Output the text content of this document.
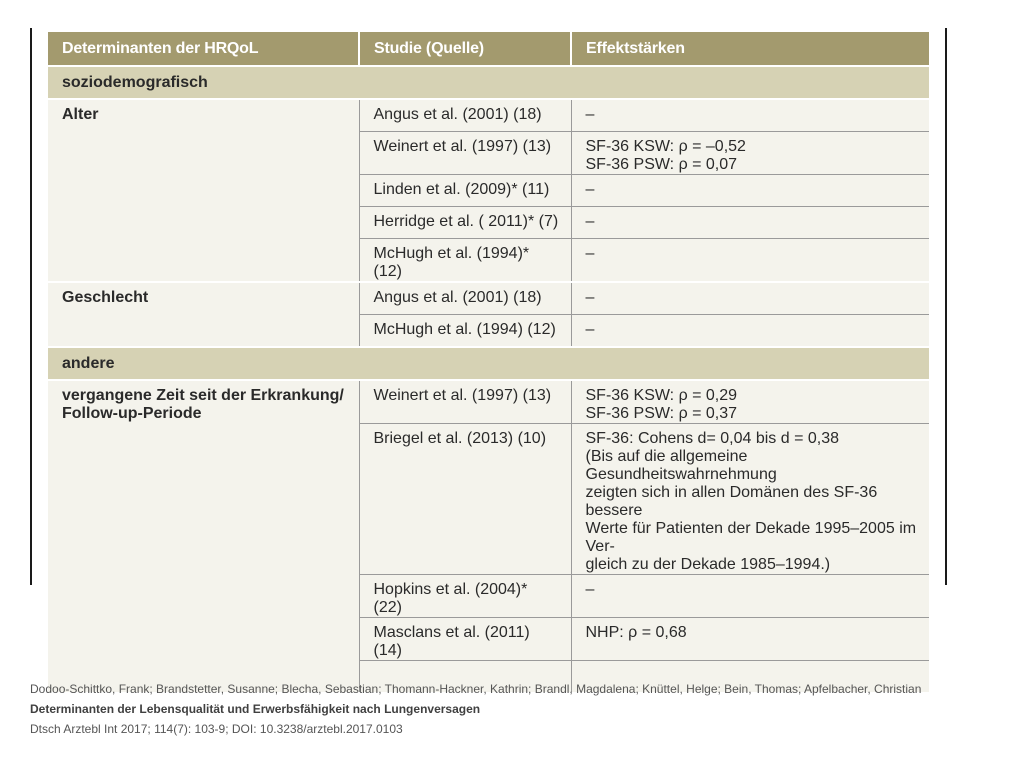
Determinanten der HRQoL	Studie (Quelle)	Effektstärken
soziodemografisch		
Alter	Angus et al. (2001) (18)	–

	Weinert et al. (1997) (13)	SF-36 KSW: ρ = –0,52
SF-36 PSW: ρ = 0,07

	Linden et al. (2009)* (11)	–

	Herridge et al. ( 2011)* (7)	–

	McHugh et al. (1994)* (12)	–

Geschlecht	Angus et al. (2001) (18)	–

	McHugh et al. (1994) (12)	–

andere		
vergangene Zeit seit der Erkrankung/ Follow-up-Periode	Weinert et al. (1997) (13)	SF-36 KSW: ρ = 0,29
SF-36 PSW: ρ = 0,37

	Briegel et al. (2013) (10)	SF-36: Cohens d= 0,04 bis d = 0,38
(Bis auf die allgemeine Gesundheitswahrnehmung
zeigten sich in allen Domänen des SF-36 bessere
Werte für Patienten der Dekade 1995–2005 im Ver-
gleich zu der Dekade 1985–1994.)

	Hopkins et al. (2004)* (22)	–

	Masclans et al. (2011) (14)	NHP: ρ = 0,68

Dodoo-Schittko, Frank; Brandstetter, Susanne; Blecha, Sebastian; Thomann-Hackner, Kathrin; Brandl, Magdalena; Knüttel, Helge; Bein, Thomas; Apfelbacher, Christian
Determinanten der Lebensqualität und Erwerbsfähigkeit nach Lungenversagen
Dtsch Arztebl Int 2017; 114(7): 103-9; DOI: 10.3238/arztebl.2017.0103
